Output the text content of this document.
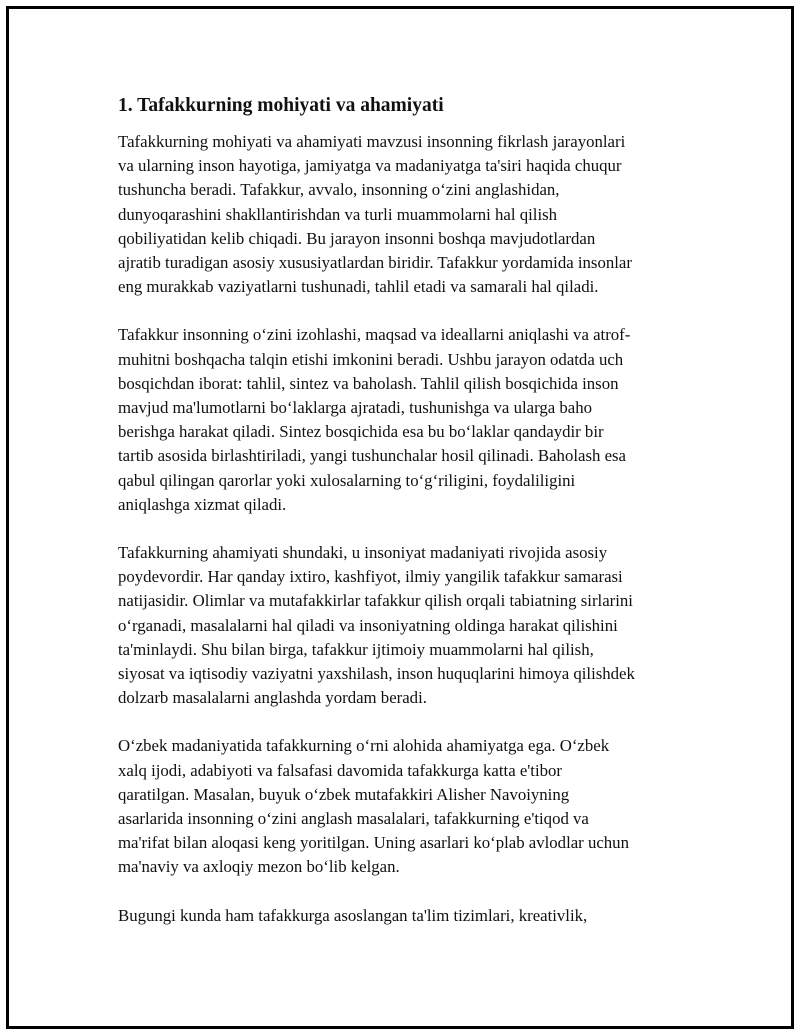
1. Tafakkurning mohiyati va ahamiyati

Tafakkurning mohiyati va ahamiyati mavzusi insonning fikrlash jarayonlari
va ularning inson hayotiga, jamiyatga va madaniyatga ta'siri haqida chuqur
tushuncha beradi. Tafakkur, avvalo, insonning o‘zini anglashidan,
dunyoqarashini shakllantirishdan va turli muammolarni hal qilish
qobiliyatidan kelib chiqadi. Bu jarayon insonni boshqa mavjudotlardan
ajratib turadigan asosiy xususiyatlardan biridir. Tafakkur yordamida insonlar
eng murakkab vaziyatlarni tushunadi, tahlil etadi va samarali hal qiladi.

Tafakkur insonning o‘zini izohlashi, maqsad va ideallarni aniqlashi va atrof-
muhitni boshqacha talqin etishi imkonini beradi. Ushbu jarayon odatda uch
bosqichdan iborat: tahlil, sintez va baholash. Tahlil qilish bosqichida inson
mavjud ma'lumotlarni bo‘laklarga ajratadi, tushunishga va ularga baho
berishga harakat qiladi. Sintez bosqichida esa bu bo‘laklar qandaydir bir
tartib asosida birlashtiriladi, yangi tushunchalar hosil qilinadi. Baholash esa
qabul qilingan qarorlar yoki xulosalarning to‘g‘riligini, foydaliligini
aniqlashga xizmat qiladi.

Tafakkurning ahamiyati shundaki, u insoniyat madaniyati rivojida asosiy
poydevordir. Har qanday ixtiro, kashfiyot, ilmiy yangilik tafakkur samarasi
natijasidir. Olimlar va mutafakkirlar tafakkur qilish orqali tabiatning sirlarini
o‘rganadi, masalalarni hal qiladi va insoniyatning oldinga harakat qilishini
ta'minlaydi. Shu bilan birga, tafakkur ijtimoiy muammolarni hal qilish,
siyosat va iqtisodiy vaziyatni yaxshilash, inson huquqlarini himoya qilishdek
dolzarb masalalarni anglashda yordam beradi.

O‘zbek madaniyatida tafakkurning o‘rni alohida ahamiyatga ega. O‘zbek
xalq ijodi, adabiyoti va falsafasi davomida tafakkurga katta e'tibor
qaratilgan. Masalan, buyuk o‘zbek mutafakkiri Alisher Navoiyning
asarlarida insonning o‘zini anglash masalalari, tafakkurning e'tiqod va
ma'rifat bilan aloqasi keng yoritilgan. Uning asarlari ko‘plab avlodlar uchun
ma'naviy va axloqiy mezon bo‘lib kelgan.

Bugungi kunda ham tafakkurga asoslangan ta'lim tizimlari, kreativlik,
